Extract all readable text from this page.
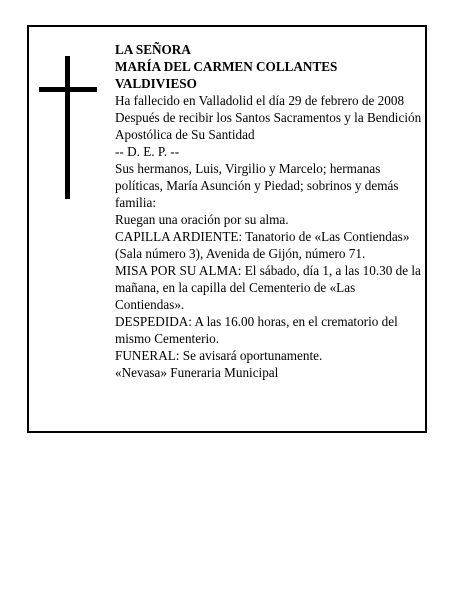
LA SEÑORA
MARÍA DEL CARMEN COLLANTES
VALDIVIESO
Ha fallecido en Valladolid el día 29 de febrero de 2008
Después de recibir los Santos Sacramentos y la Bendición Apostólica de Su Santidad
-- D. E. P. --
Sus hermanos, Luis, Virgilio y Marcelo; hermanas políticas, María Asunción y Piedad; sobrinos y demás familia:
Ruegan una oración por su alma.
CAPILLA ARDIENTE: Tanatorio de «Las Contiendas» (Sala número 3), Avenida de Gijón, número 71.
MISA POR SU ALMA: El sábado, día 1, a las 10.30 de la mañana, en la capilla del Cementerio de «Las Contiendas».
DESPEDIDA: A las 16.00 horas, en el crematorio del mismo Cementerio.
FUNERAL: Se avisará oportunamente.
«Nevasa» Funeraria Municipal
